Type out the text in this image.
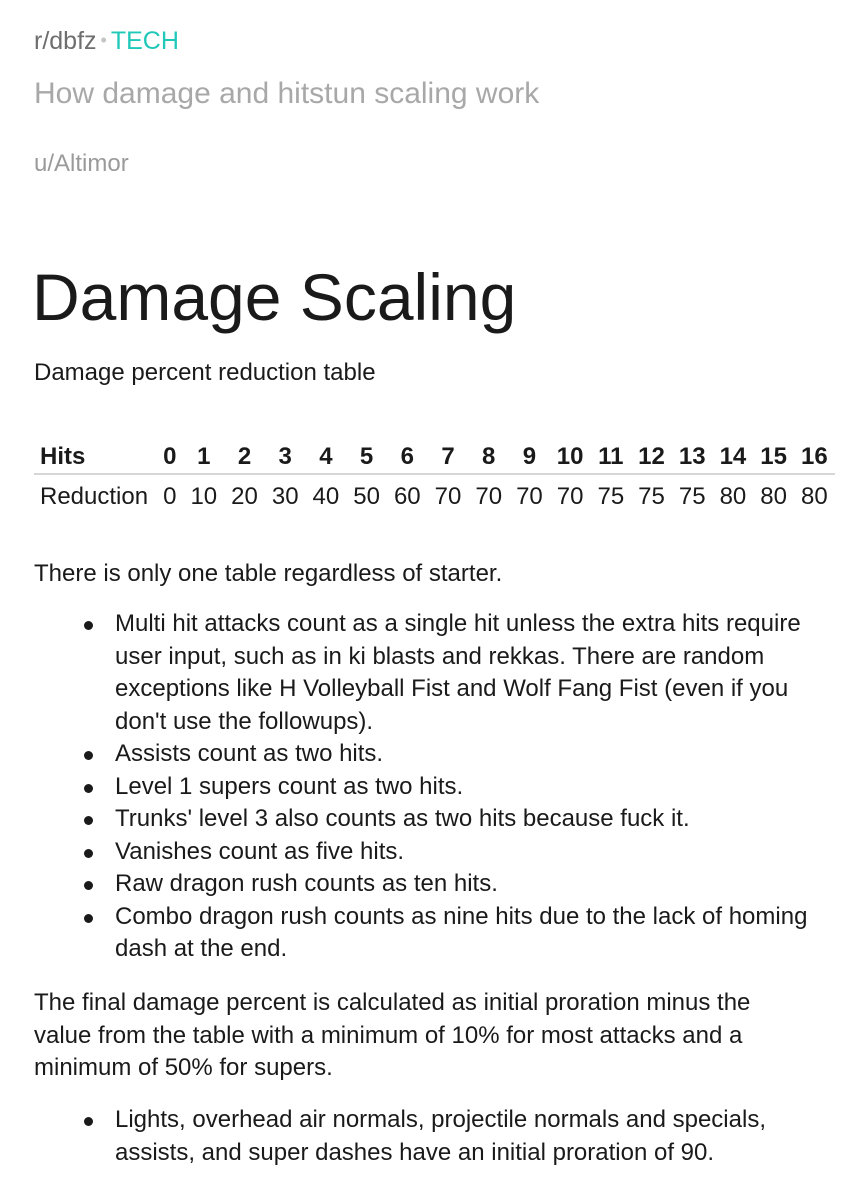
r/dbfz • TECH
How damage and hitstun scaling work
u/Altimor
Damage Scaling
Damage percent reduction table
Hits	0	1	2	3	4	5	6	7	8	9	10	11	12	13	14	15	16
Reduction	0	10	20	30	40	50	60	70	70	70	70	75	75	75	80	80	80

There is only one table regardless of starter.

Multi hit attacks count as a single hit unless the extra hits require user input, such as in ki blasts and rekkas. There are random exceptions like H Volleyball Fist and Wolf Fang Fist (even if you don't use the followups).
Assists count as two hits.
Level 1 supers count as two hits.
Trunks' level 3 also counts as two hits because fuck it.
Vanishes count as five hits.
Raw dragon rush counts as ten hits.
Combo dragon rush counts as nine hits due to the lack of homing dash at the end.

The final damage percent is calculated as initial proration minus the value from the table with a minimum of 10% for most attacks and a minimum of 50% for supers.

Lights, overhead air normals, projectile normals and specials, assists, and super dashes have an initial proration of 90.
